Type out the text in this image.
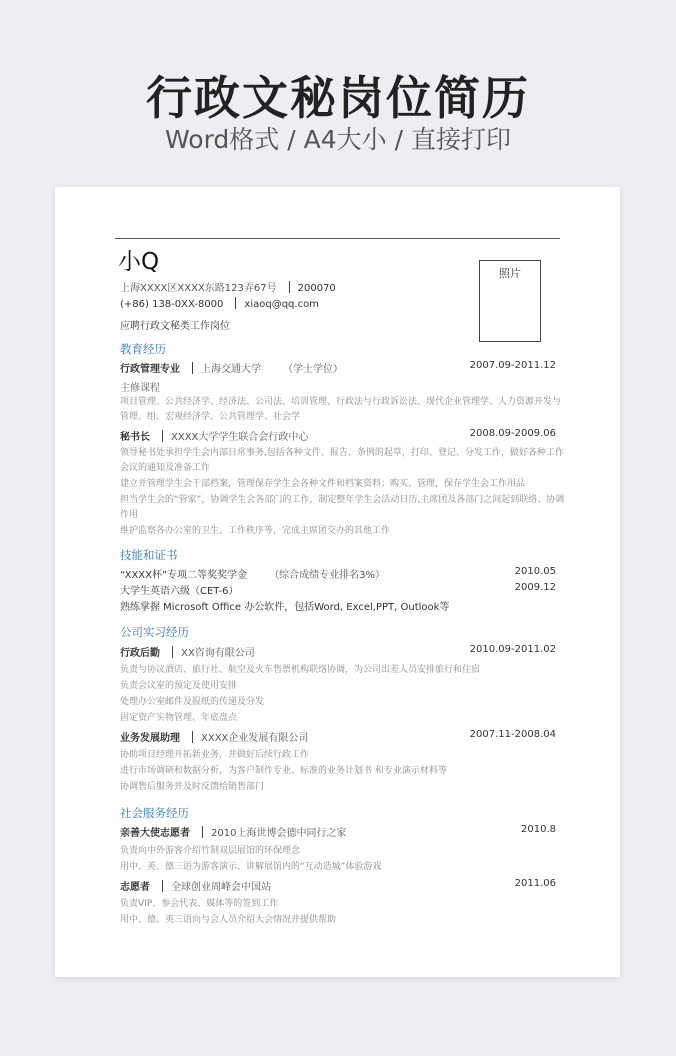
行政文秘岗位简历
Word格式 / A4大小 / 直接打印
小Q	照片
上海XXXX区XXXX东路123弄67号 200070
(+86) 138-0XX-8000 xiaoq@qq.com
应聘行政文秘类工作岗位
教育经历
行政管理专业 上海交通大学 （学士学位）	2007.09-2011.12
主修课程
项目管理、公共经济学、经济法、公司法、培训管理、行政法与行政诉讼法、现代企业管理学、人力资源开发与管理、组、宏观经济学、公共管理学、社会学
秘书长 XXXX大学学生联合会行政中心	2008.09-2009.06

领导秘书处承担学生会内部日常事务,包括各种文件、报告、条例的起草，打印、登记、分发工作，做好各种工作会议的通知及准备工作

建立并管理学生会干部档案，管理保存学生会各种文件和档案资料；购买、管理，保存学生会工作用品

担当学生会的“管家”，协调学生会各部门的工作，制定整年学生会活动日历,主席团及各部门之间起到联络、协调作用

维护监察各办公室的卫生、工作秩序等，完成主席团交办的其他工作

技能和证书
“XXXX杯”专项二等奖奖学金 （综合成绩专业排名3%）	2010.05
大学生英语六级（CET-6）	2009.12
熟练掌握 Microsoft Office 办公软件，包括Word, Excel,PPT, Outlook等
公司实习经历
行政后勤 XX咨询有限公司	2010.09-2011.02

负责与协议酒店、旅行社、航空及火车售票机构联络协调，为公司出差人员安排旅行和住宿

负责会议室的预定及使用安排

处理办公室邮件及报纸的传递及分发

固定资产实物管理、年底盘点

业务发展助理 XXXX企业发展有限公司	2007.11-2008.04

协助项目经理开拓新业务，并做好后续行政工作

进行市场调研和数据分析，为客户制作专业、标准的业务计划书 和专业演示材料等

协调售后服务并及时反馈给销售部门

社会服务经历
亲善大使志愿者 2010上海世博会德中同行之家	2010.8

负责向中外游客介绍竹制双层展馆的环保理念

用中、英、德三语为游客演示、讲解展馆内的“互动造城”体验游戏

志愿者 全球创业周峰会中国站	2011.06

负责VIP、参会代表、媒体等的签到工作

用中、德、英三语向与会人员介绍大会情况并提供帮助
